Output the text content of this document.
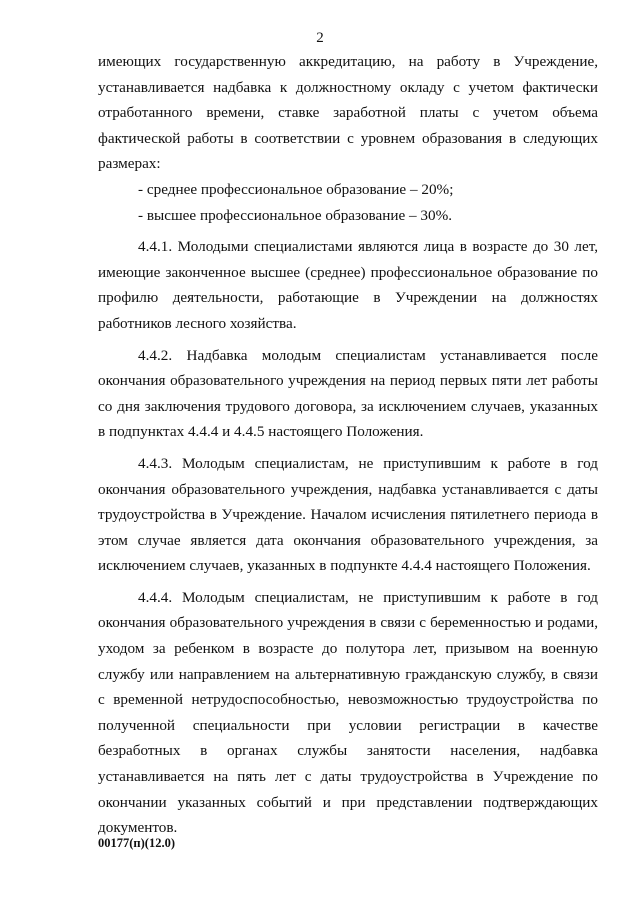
2

имеющих государственную аккредитацию, на работу в Учреждение, устанавливается надбавка к должностному окладу с учетом фактически отработанного времени, ставке заработной платы с учетом объема фактической работы в соответствии с уровнем образования в следующих размерах:

- среднее профессиональное образование – 20%;

- высшее профессиональное образование – 30%.

4.4.1. Молодыми специалистами являются лица в возрасте до 30 лет, имеющие законченное высшее (среднее) профессиональное образование по профилю деятельности, работающие в Учреждении на должностях работников лесного хозяйства.

4.4.2. Надбавка молодым специалистам устанавливается после окончания образовательного учреждения на период первых пяти лет работы со дня заключения трудового договора, за исключением случаев, указанных в подпунктах 4.4.4 и 4.4.5 настоящего Положения.

4.4.3. Молодым специалистам, не приступившим к работе в год окончания образовательного учреждения, надбавка устанавливается с даты трудоустройства в Учреждение. Началом исчисления пятилетнего периода в этом случае является дата окончания образовательного учреждения, за исключением случаев, указанных в подпункте 4.4.4 настоящего Положения.

4.4.4. Молодым специалистам, не приступившим к работе в год окончания образовательного учреждения в связи с беременностью и родами, уходом за ребенком в возрасте до полутора лет, призывом на военную службу или направлением на альтернативную гражданскую службу, в связи с временной нетрудоспособностью, невозможностью трудоустройства по полученной специальности при условии регистрации в качестве безработных в органах службы занятости населения, надбавка устанавливается на пять лет с даты трудоустройства в Учреждение по окончании указанных событий и при представлении подтверждающих документов.

00177(п)(12.0)
